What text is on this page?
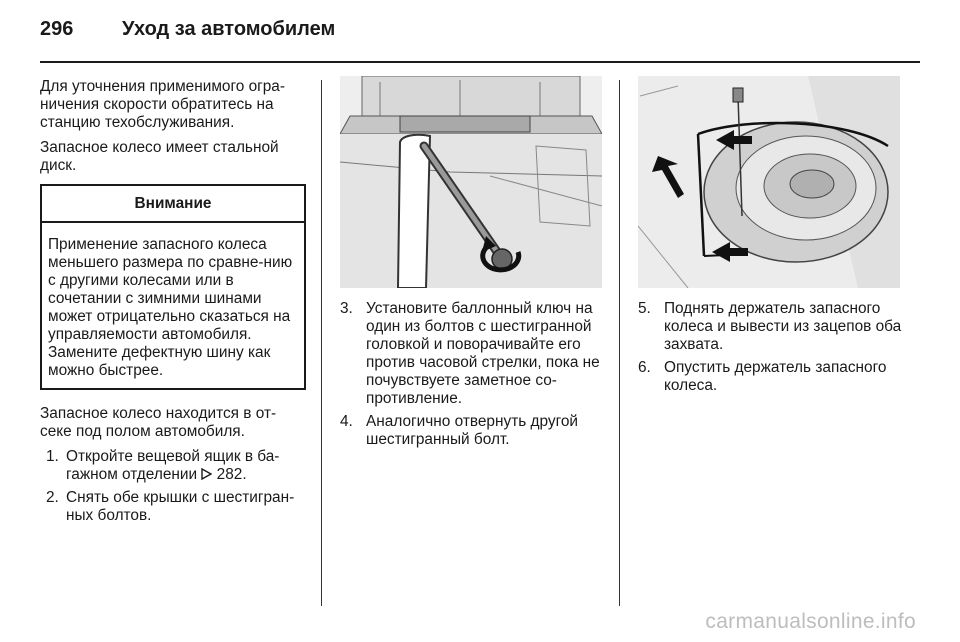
296 Уход за автомобилем

Для уточнения применимого огра-ничения скорости обратитесь на станцию техобслуживания.

Запасное колесо имеет стальной диск.

Внимание
Применение запасного колеса меньшего размера по сравне-нию с другими колесами или в сочетании с зимними шинами может отрицательно сказаться на управляемости автомобиля. Замените дефектную шину как можно быстрее.

Запасное колесо находится в от-секе под полом автомобиля.

1. Откройте вещевой ящик в ба-гажном отделении 282.
2. Снять обе крышки с шестигран-ных болтов.
3. Установите баллонный ключ на один из болтов с шестигранной головкой и поворачивайте его против часовой стрелки, пока не почувствуете заметное со-противление.
4. Аналогично отвернуть другой шестигранный болт.
5. Поднять держатель запасного колеса и вывести из зацепов оба захвата.
6. Опустить держатель запасного колеса.
carmanualsonline.info
